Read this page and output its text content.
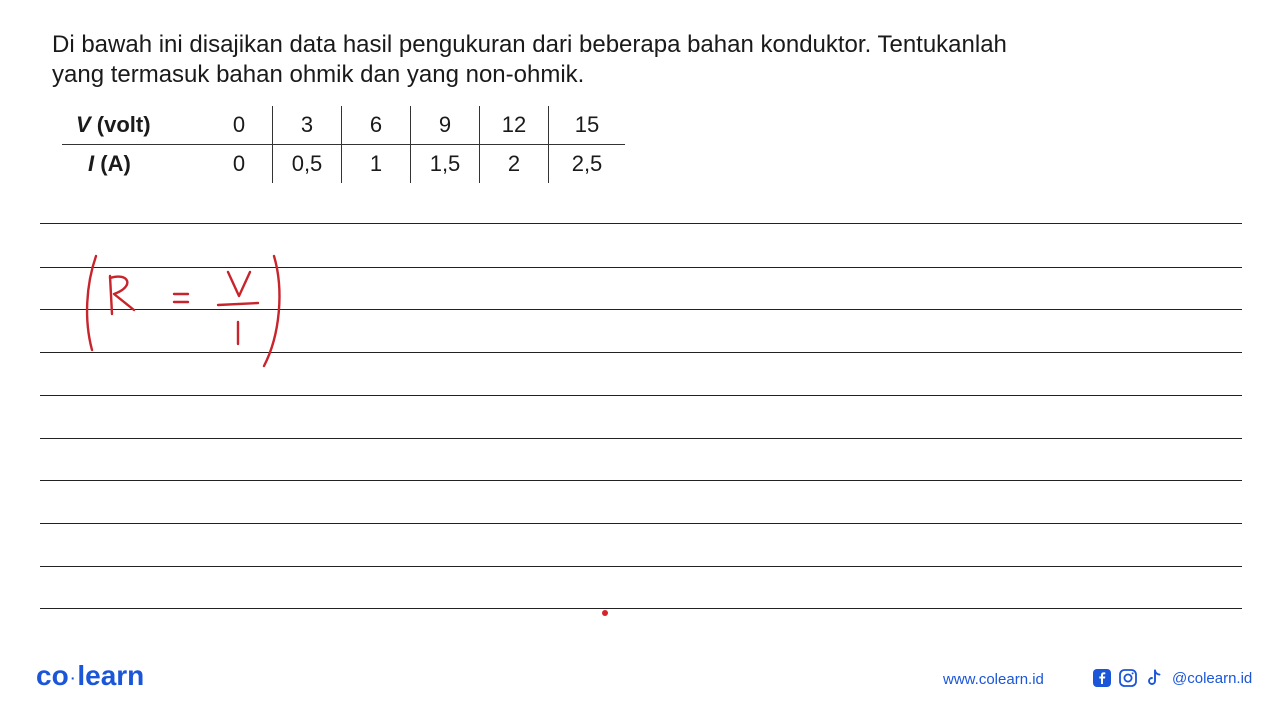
Di bawah ini disajikan data hasil pengukuran dari beberapa bahan konduktor. Tentukanlah

yang termasuk bahan ohmik dan yang non-ohmik.

V (volt)	0	3	6	9	12	15
I (A)	0	0,5	1	1,5	2	2,5
co ·learn	www.colearn.id	@colearn.id
